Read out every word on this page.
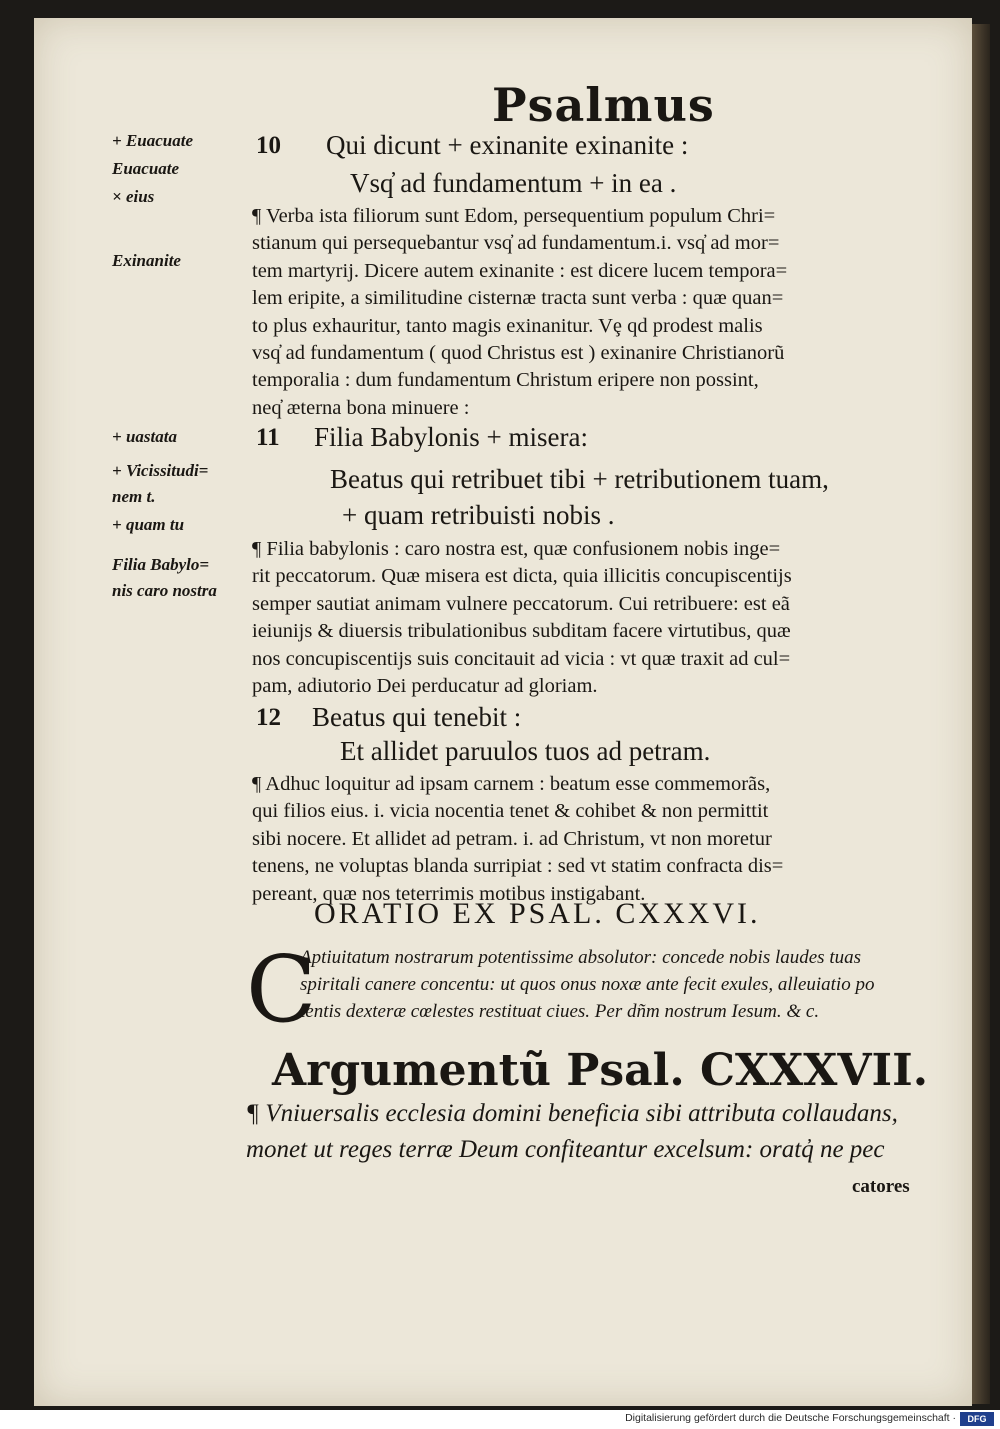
Psalmus
+ Euacuate
Euacuate
× eius
Exinanite
+ uastata
+ Vicissitudi=
nem t.
+ quam tu
Filia Babylo=
nis caro nostra
10 Qui dicunt + exinanite exinanite :
Vsq̓ ad fundamentum + in ea .
¶ Verba ista filiorum sunt Edom, persequentium populum Chri=
stianum qui persequebantur vsq̓ ad fundamentum.i. vsq̓ ad mor=
tem martyrij. Dicere autem exinanite : est dicere lucem tempora=
lem eripite, a similitudine cisternæ tracta sunt verba : quæ quan=
to plus exhauritur, tanto magis exinanitur. Vȩ qd prodest malis
vsq̓ ad fundamentum ( quod Christus est ) exinanire Christianorũ
temporalia : dum fundamentum Christum eripere non possint,
neq̓ æterna bona minuere :
11 Filia Babylonis + misera:
Beatus qui retribuet tibi + retributionem tuam,
+ quam retribuisti nobis .
¶ Filia babylonis : caro nostra est, quæ confusionem nobis inge=
rit peccatorum. Quæ misera est dicta, quia illicitis concupiscentijs
semper sautiat animam vulnere peccatorum. Cui retribuere: est eã
ieiunijs & diuersis tribulationibus subditam facere virtutibus, quæ
nos concupiscentijs suis concitauit ad vicia : vt quæ traxit ad cul=
pam, adiutorio Dei perducatur ad gloriam.
12 Beatus qui tenebit :
Et allidet paruulos tuos ad petram.
¶ Adhuc loquitur ad ipsam carnem : beatum esse commemorãs,
qui filios eius. i. vicia nocentia tenet & cohibet & non permittit
sibi nocere. Et allidet ad petram. i. ad Christum, vt non moretur
tenens, ne voluptas blanda surripiat : sed vt statim confracta dis=
pereant, quæ nos teterrimis motibus instigabant.
ORATIO EX PSAL. CXXXVI.
C
Aptiuitatum nostrarum potentissime absolutor: concede nobis laudes tuas
spiritali canere concentu: ut quos onus noxæ ante fecit exules, alleuiatio po
tentis dexteræ cœlestes restituat ciues. Per dñm nostrum Iesum. & c.
Argumentũ Psal. CXXXVII.
¶ Vniuersalis ecclesia domini beneficia sibi attributa collaudans,
monet ut reges terræ Deum confiteantur excelsum: oratq̓ ne pec
catores
Digitalisierung gefördert durch die Deutsche Forschungsgemeinschaft ·	DFG
